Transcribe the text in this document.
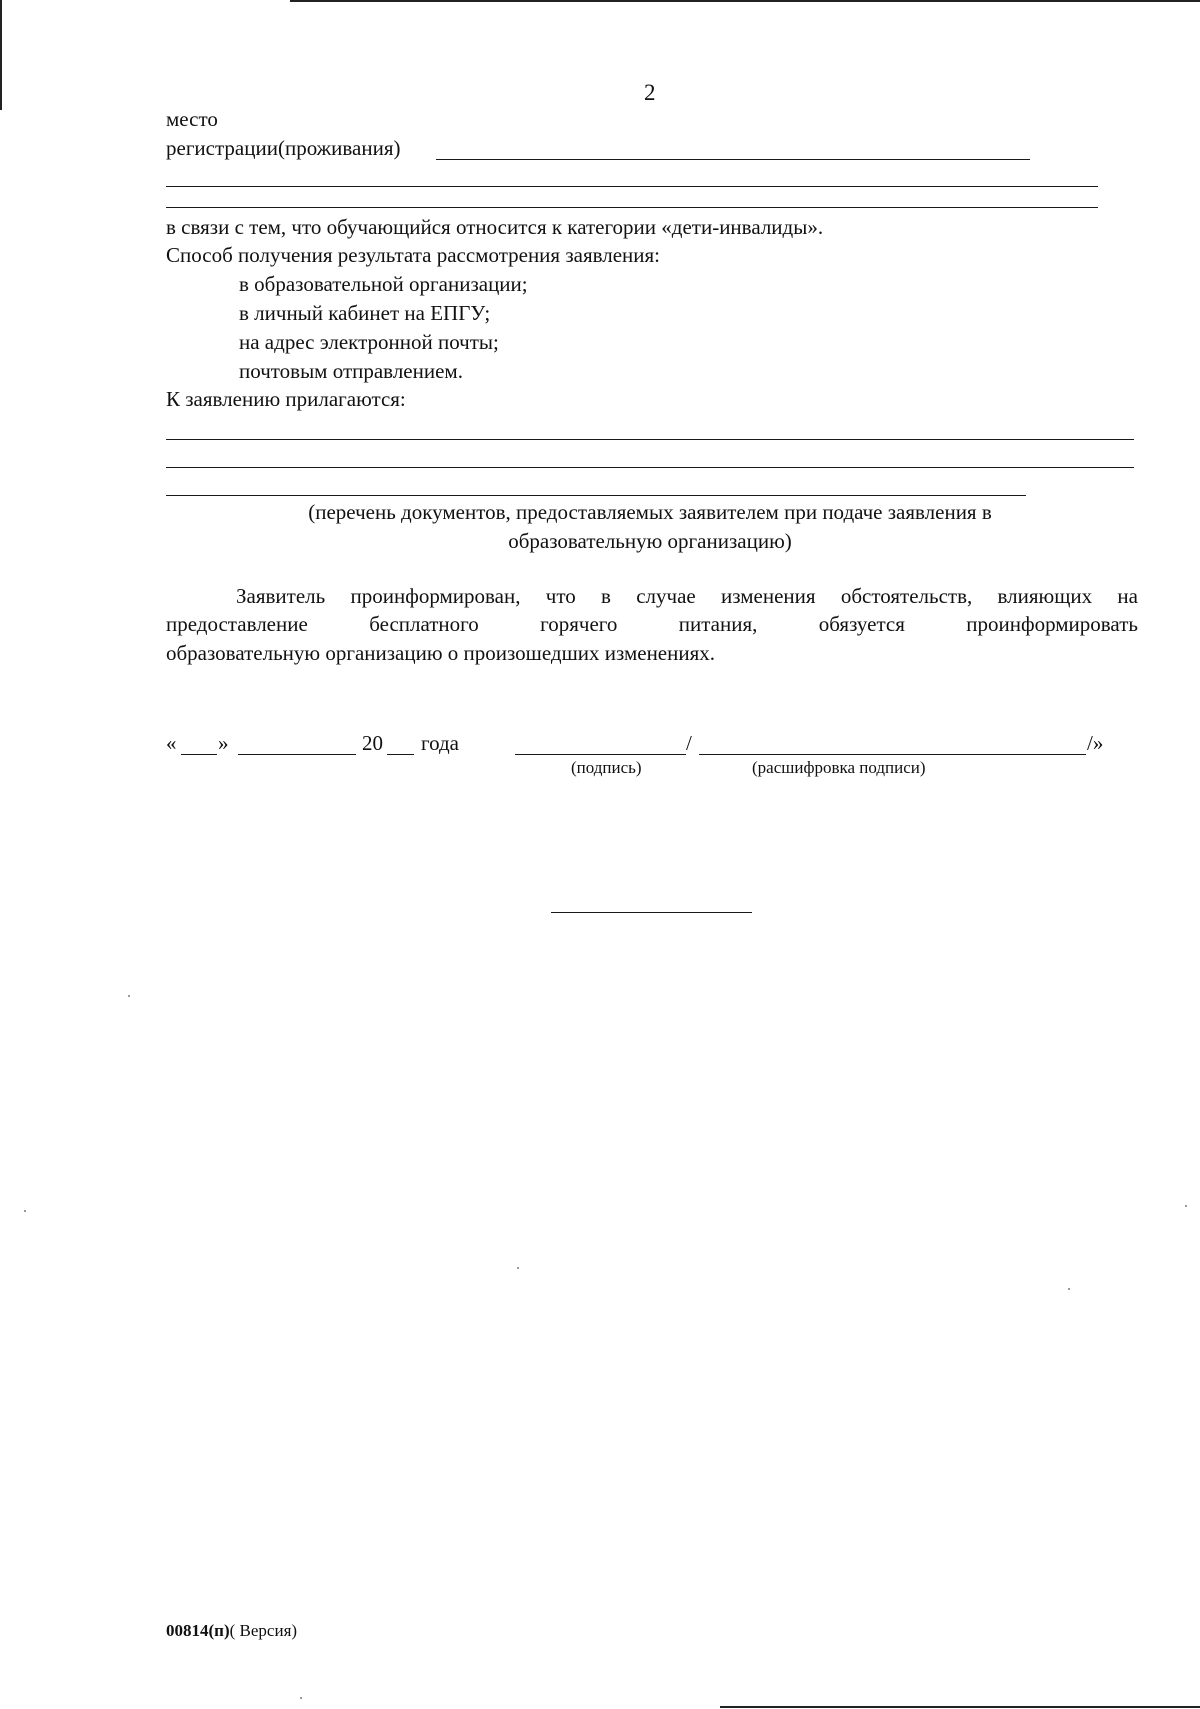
2
место
регистрации(проживания)
в связи с тем, что обучающийся относится к категории «дети-инвалиды».
Способ получения результата рассмотрения заявления:
в образовательной организации;
в личный кабинет на ЕПГУ;
на адрес электронной почты;
почтовым отправлением.
К заявлению прилагаются:
(перечень документов, предоставляемых заявителем при подаче заявления в
образовательную организацию)
Заявитель проинформирован, что в случае изменения обстоятельств, влияющих на
предоставление	бесплатного	горячего	питания,	обязуется	проинформировать
образовательную организацию о произошедших изменениях.
« »	20 года	/	/»
(подпись)	(расшифровка подписи)
00814(п)( Версия)
